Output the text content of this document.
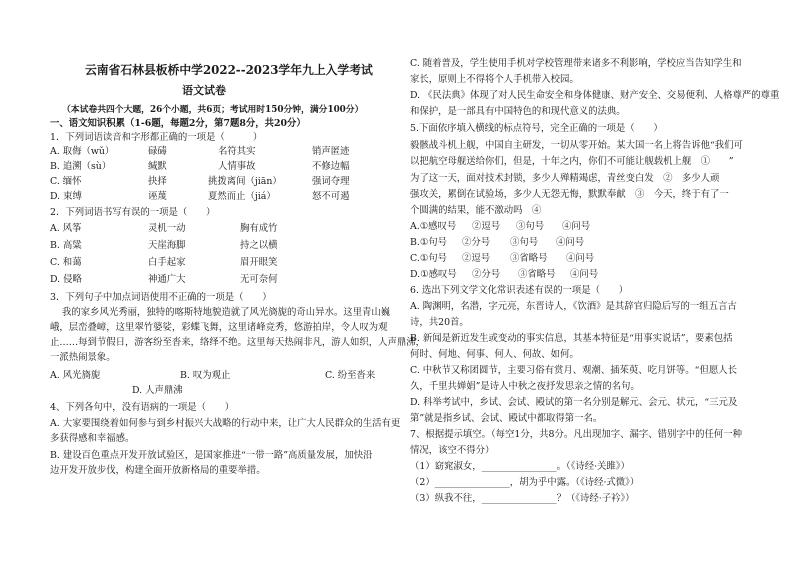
云南省石林县板桥中学2022--2023学年九上入学考试
语文试卷
（本试卷共四个大题，26个小题，共6页；考试用时150分钟，满分100分）
一、语文知识积累（1-6题，每题2分，第7题8分，共20分）
1．下列词语读音和字形都正确的一项是（　　　）
A. 取侮（wǔ）	碌碡	名符其实	销声匿迹
B. 追溯（sù）	缄默	人情事故	不修边幅
C. 缅怀	抉择	挑拨离间（jiān）	强词夺理
D. 束缚	诬蔑	夏然而止（jiá）	怒不可遏
2．下列词语书写有误的一项是（　　）
A. 风筝	灵机一动	胸有成竹
B. 高粱	天崖海脚	持之以横
C. 和蔼	白手起家	眉开眼笑
D. 侵略	神通广大	无可奈何
3．下列句子中加点词语使用不正确的一项是（　　）
我的家乡风光秀丽，独特的喀斯特地貌造就了风光旖旎的奇山异水。这里青山巍
峨，层峦叠嶂，这里翠竹婆娑，彩蝶飞舞，这里诸峰竞秀，悠游拍岸，令人叹为观
止……每到节假日，游客纷至沓来，络绎不绝。这里每天热闹非凡，游人如织，人声鼎沸，
一派热闹景象。
A. 风光旖旎	B. 叹为观止	C. 纷至沓来
D. 人声鼎沸
4、下列各句中，没有语病的一项是（　　）
A. 大家要围绕着如何参与到乡村振兴大战略的行动中来，让广大人民群众的生活有更
多获得感和幸福感。
B. 建设百色重点开发开放试验区，是国家推进“一带一路”高质量发展，加快沿
边开发开放步伐，构建全面开放新格局的重要举措。
C. 随着普及，学生使用手机对学校管理带来诸多不利影响，学校应当告知学生和
家长，原则上不得将个人手机带入校园。
D. 《民法典》体现了对人民生命安全和身体健康、财产安全、交易便利、人格尊严的尊重
和保护，是一部具有中国特色的和现代意义的法典。
5.下面依序填入横线的标点符号，完全正确的一项是（　　）
毅骸战斗机上舰，中国自主研发，一切从零开始。某大国一名上将告诉他“我们可
以把航空母舰送给你们，但是，十年之内，你们不可能让舰载机上舰　①　　”
为了这一天，面对技术封锁，多少人殚精竭虑，青丝变白发　②　多少人顽
强攻关，累倒在试验场，多少人无怨无悔，默默奉献　③　今天，终于有了一
个圆满的结果，能不激动吗　④
A.①感叹号 ②逗号 ③句号 ④问号
B.①句号 ②分号 ③句号 ④问号
C.①句号 ②逗号 ③省略号 ④问号
D.①感叹号 ②分号 ③省略号 ④问号
6. 选出下列文学文化常识表述有误的一项是（　　）
A. 陶渊明，名潜，字元亮，东晋诗人，《饮酒》是其辞官归隐后写的一组五言古
诗，共20首。
B. 新闻是新近发生或变动的事实信息，其基本特征是“用事实说话”，要素包括
何时、何地、何事、何人、何故、如何。
C. 中秋节又称团圆节，主要习俗有赏月、观潮、插茱萸、吃月饼等。“但愿人长
久，千里共婵娟”是诗人中秋之夜抒发思亲之情的名句。
D. 科举考试中，乡试、会试、殿试的第一名分别是解元、会元、状元，“三元及
第”就是指乡试、会试、殿试中都取得第一名。
7、根据提示填空。（每空1分，共8分。凡出现加字、漏字、错别字中的任何一种
情况，该空不得分）
（1）窈窕淑女，________________。（《诗经·关雎》）
（2）________________，胡为乎中露。（《诗经·式微》）
（3）纵我不往，________________？（《诗经·子衿》）
